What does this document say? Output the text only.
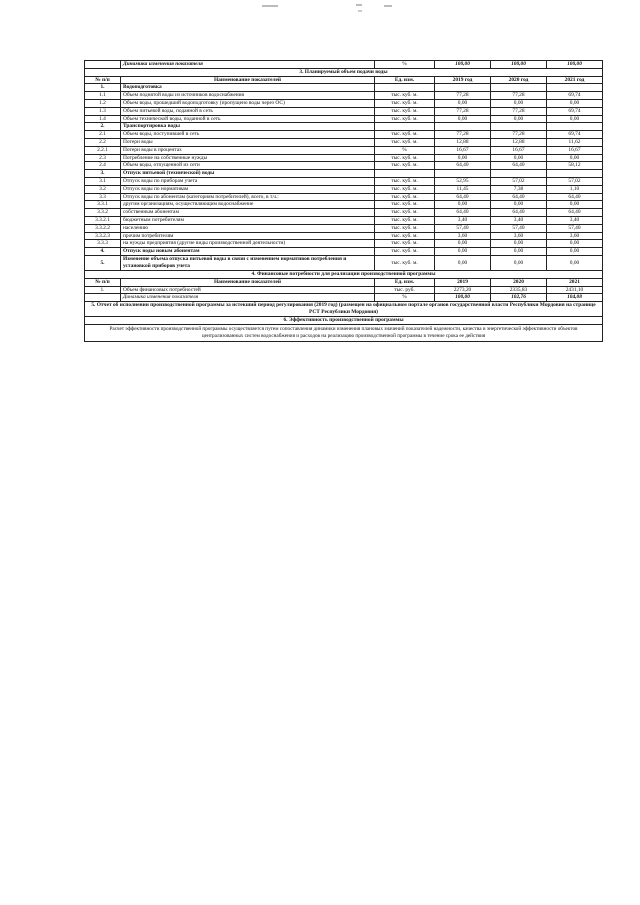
	Динамика изменения показателя	%	100,00	100,00	100,00
3. Планируемый объем подачи воды					
№ п/п	Наименование показателей	Ед. изм.	2019 год	2020 год	2021 год
1.	Водоподготовка				
1.1	Объем поднятой воды из источников водоснабжения	тыс. куб. м.	77,28	77,28	69,74
1.2	Объем воды, прошедший водоподготовку (пропущено воды через ОС)	тыс. куб. м.	0,00	0,00	0,00
1.3	Объем питьевой воды, поданной в сеть	тыс. куб. м.	77,28	77,28	69,74
1.4	Объем технической воды, поданной в сеть	тыс. куб. м.	0,00	0,00	0,00
2.	Транспортировка воды				
2.1	Объем воды, поступившей в сеть	тыс. куб. м.	77,28	77,28	69,74
2.2	Потери воды	тыс. куб. м.	12,88	12,88	11,62
2.2.1	Потери воды в процентах	%	16,67	16,67	16,67
2.3	Потребление на собственные нужды	тыс. куб. м.	0,00	0,00	0,00
2.4	Объем воды, отпущенной из сети	тыс. куб. м.	64,40	64,40	58,12
3.	Отпуск питьевой (технической) воды				
3.1	Отпуск воды по приборам учета	тыс. куб. м.	52,95	57,02	57,02
3.2	Отпуск воды по нормативам	тыс. куб. м.	11,45	7,38	1,10
3.3	Отпуск воды по абонентам (категориям потребителей), всего, в т.ч.:	тыс. куб. м.	64,40	64,40	64,40
3.3.1	другим организациям, осуществляющим водоснабжение	тыс. куб. м.	0,00	0,00	0,00
3.3.2	собственным абонентам	тыс. куб. м.	64,40	64,40	64,40
3.3.2.1	бюджетным потребителям	тыс. куб. м.	3,40	3,40	3,40
3.3.2.2	населению	тыс. куб. м.	57,40	57,40	57,40
3.3.2.3	прочим потребителям	тыс. куб. м.	3,60	3,60	3,60
3.3.3	на нужды предприятия (другие виды производственной деятельности)	тыс. куб. м.	0,00	0,00	0,00
4.	Отпуск воды новым абонентам	тыс. куб. м.	0,00	0,00	0,00
5.	Изменение объема отпуска питьевой воды в связи с изменением нормативов потребления и установкой приборов учета	тыс. куб. м.	0,00	0,00	0,00
4. Финансовые потребности для реализации производственной программы					
№ п/п	Наименование показателей	Ед. изм.	2019	2020	2021
1.	Объем финансовых потребностей	тыс. руб.	2273,20	2335,83	2431,10
	Динамика изменения показателя	%	100,00	102,76	104,08
5. Отчет об исполнении производственной программы за истекший период регулирования (2019 год) (размещен на официальном портале органов государственной власти Республики Мордовия на странице РСТ Республики Мордовия)					
6. Эффективность производственной программы					
Расчет эффективности производственной программы осуществляется путем сопоставления динамики изменения плановых значений показателей надежности, качества и энергетической эффективности объектов централизованных систем водоснабжения и расходов на реализацию производственной программы в течение срока ее действия					
